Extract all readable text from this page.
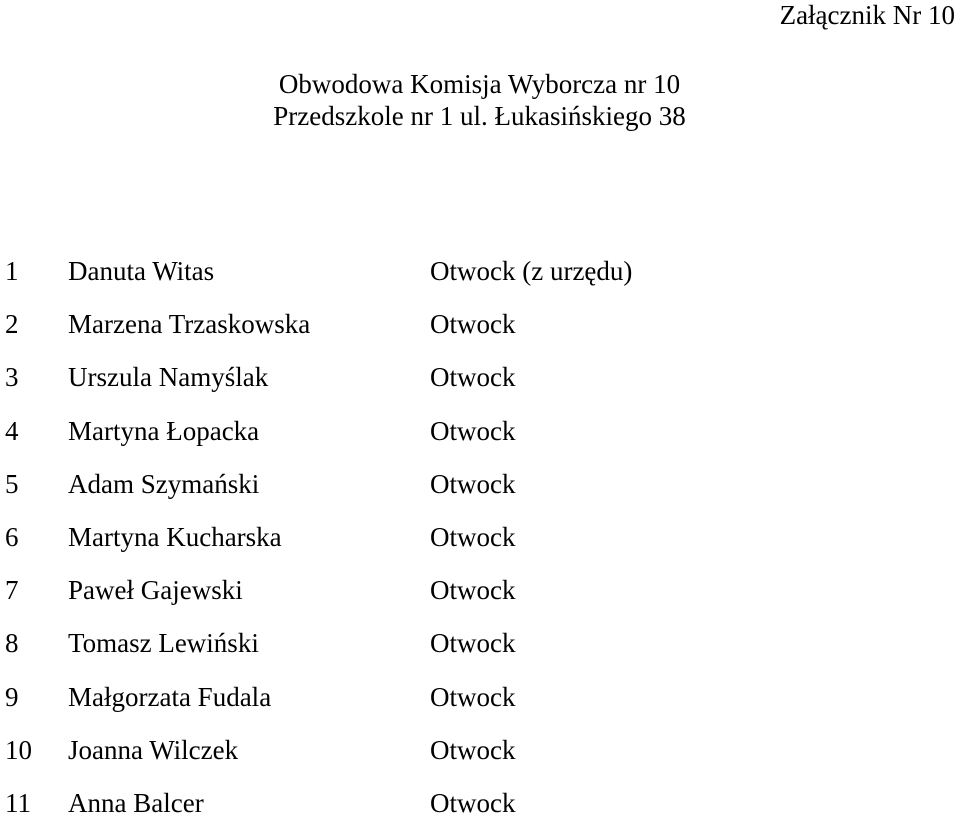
Załącznik Nr 10
Obwodowa Komisja Wyborcza nr 10
Przedszkole nr 1 ul. Łukasińskiego 38
1	Danuta Witas	Otwock (z urzędu)
2	Marzena Trzaskowska	Otwock
3	Urszula Namyślak	Otwock
4	Martyna Łopacka	Otwock
5	Adam Szymański	Otwock
6	Martyna Kucharska	Otwock
7	Paweł Gajewski	Otwock
8	Tomasz Lewiński	Otwock
9	Małgorzata Fudala	Otwock
10	Joanna Wilczek	Otwock
11	Anna Balcer	Otwock
